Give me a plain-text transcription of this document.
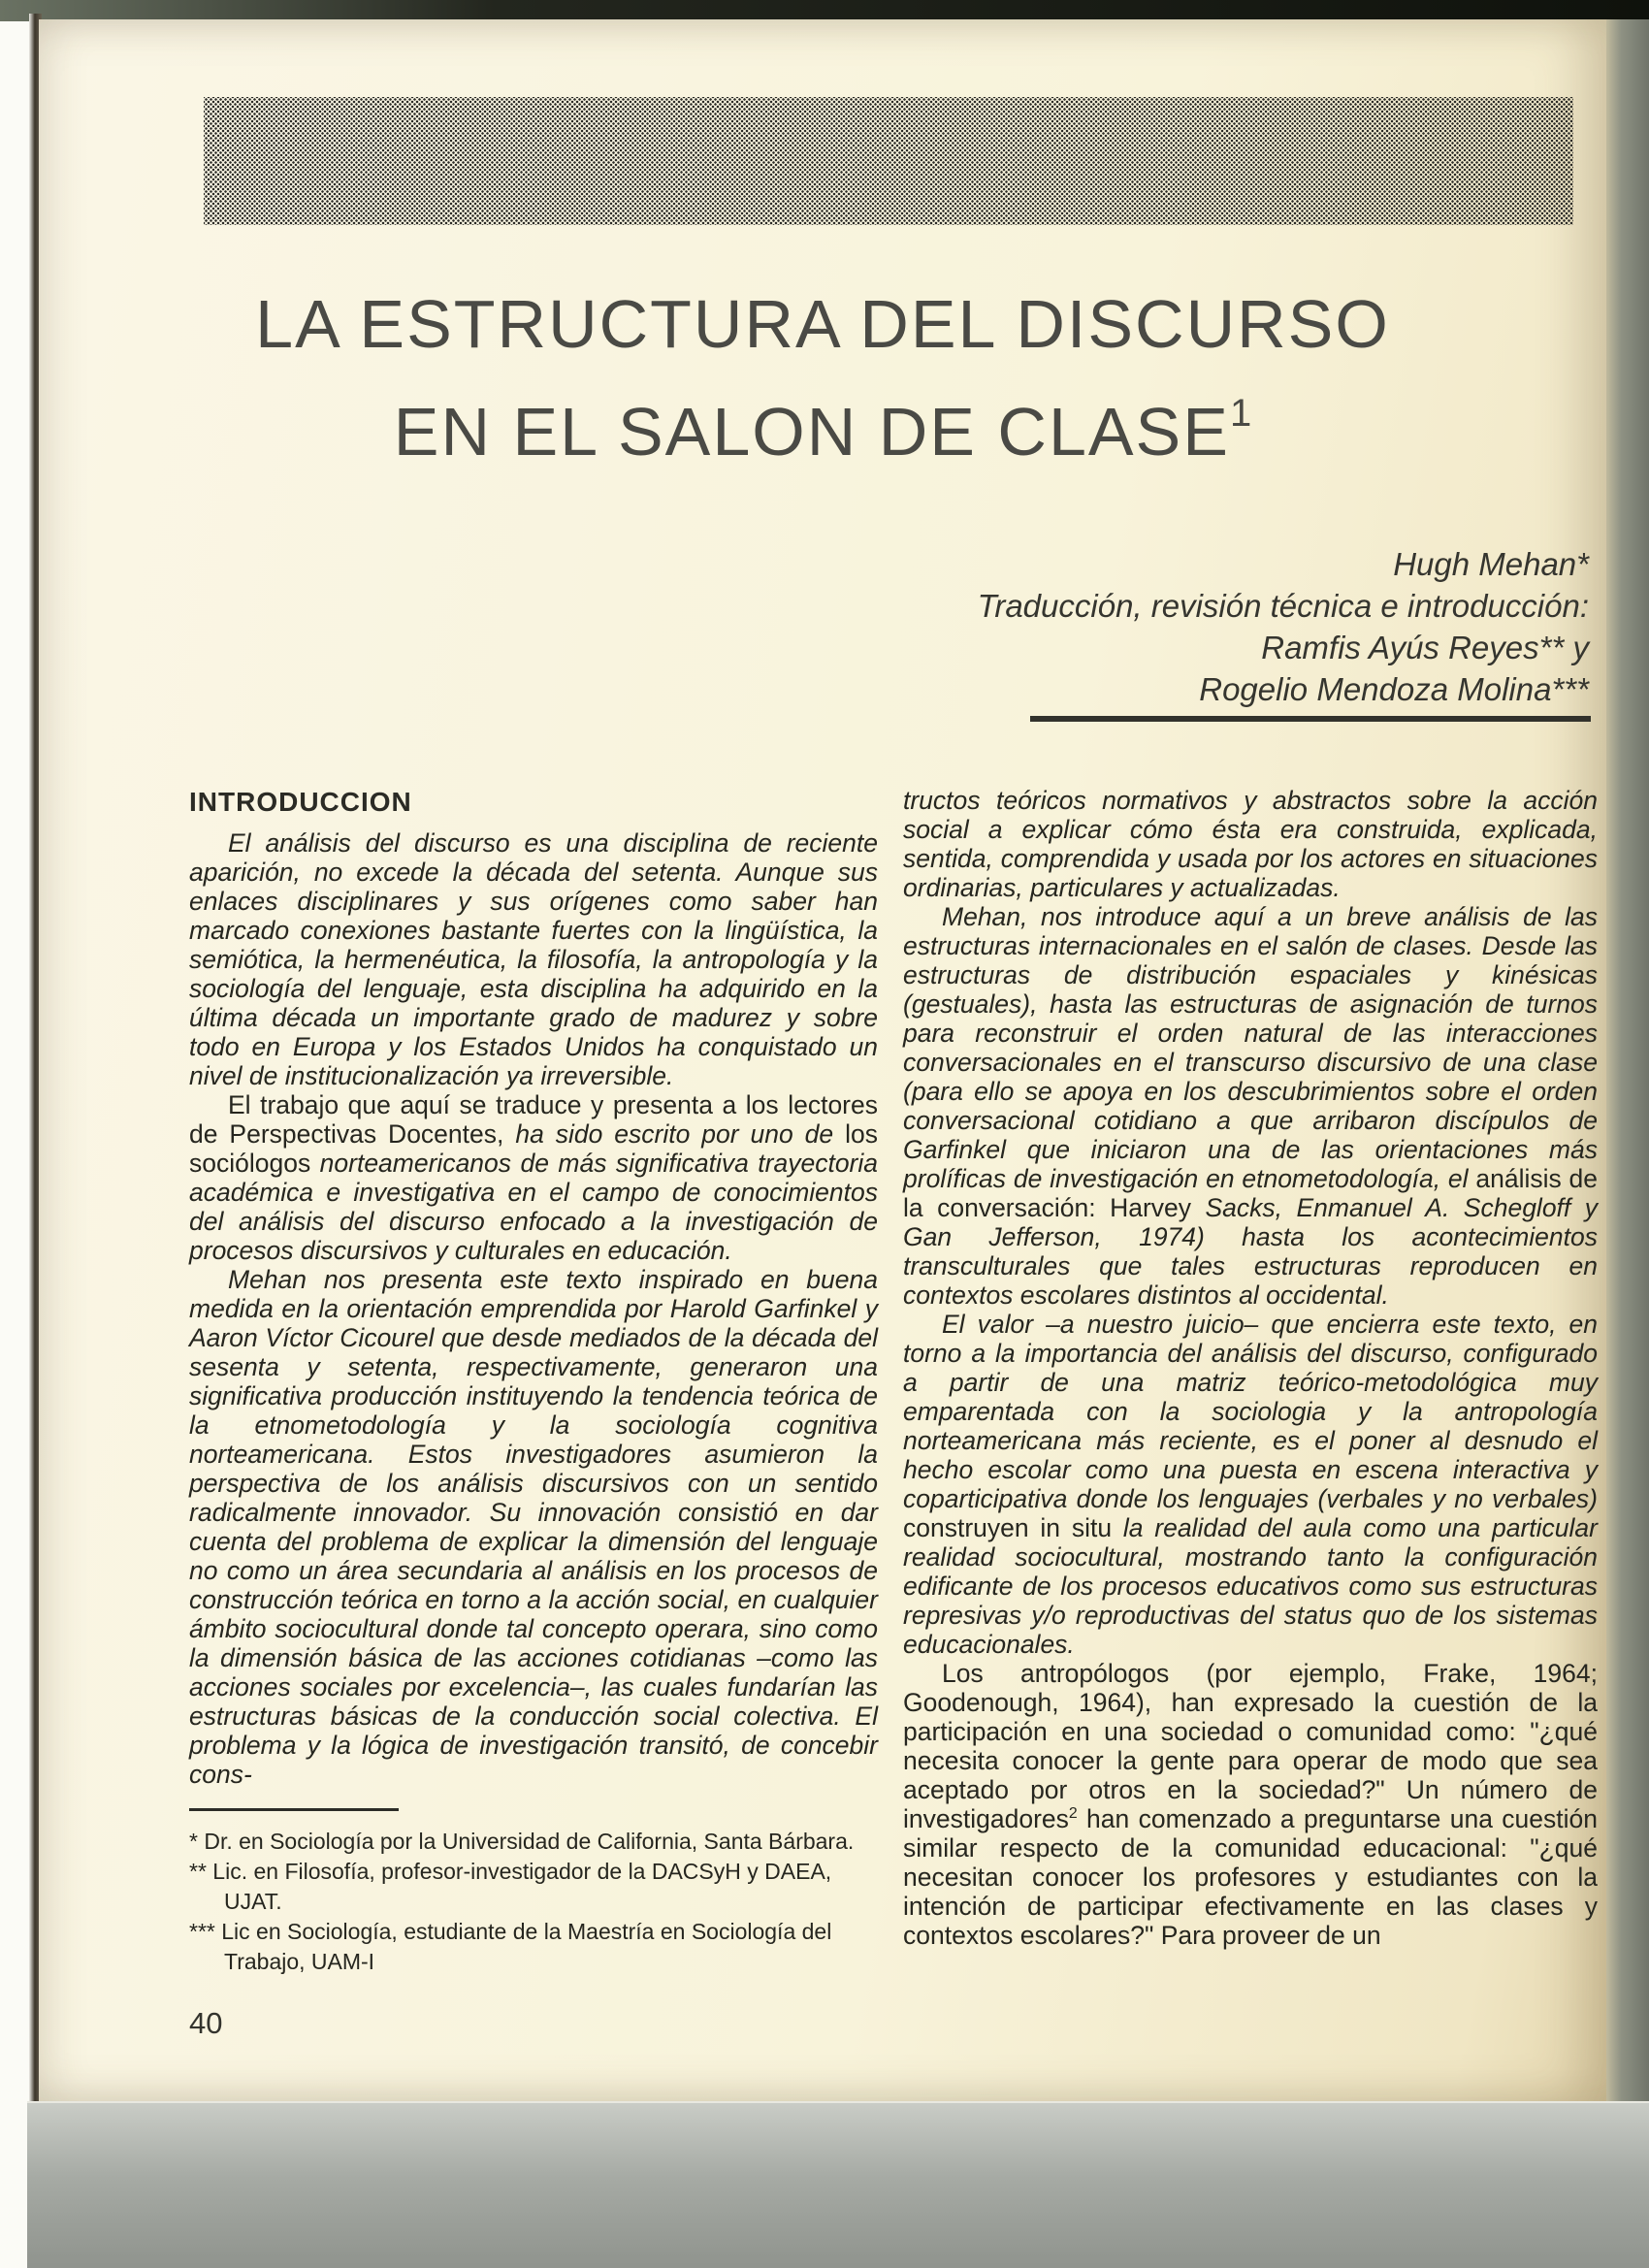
LA ESTRUCTURA DEL DISCURSO
EN EL SALON DE CLASE$^1$
Hugh Mehan*
Traducción, revisión técnica e introducción:
Ramfis Ayús Reyes** y
Rogelio Mendoza Molina***
INTRODUCCION

El análisis del discurso es una disciplina de reciente aparición, no excede la década del setenta. Aunque sus enlaces disciplinares y sus orígenes como saber han marcado conexiones bastante fuertes con la lingüística, la semiótica, la hermenéutica, la filosofía, la antropología y la sociología del lenguaje, esta disciplina ha adquirido en la última década un importante grado de madurez y sobre todo en Europa y los Estados Unidos ha conquistado un nivel de institucionalización ya irreversible.

El trabajo que aquí se traduce y presenta a los lectores de Perspectivas Docentes, ha sido escrito por uno de los sociólogos norteamericanos de más significativa trayectoria académica e investigativa en el campo de conocimientos del análisis del discurso enfocado a la investigación de procesos discursivos y culturales en educación.

Mehan nos presenta este texto inspirado en buena medida en la orientación emprendida por Harold Garfinkel y Aaron Víctor Cicourel que desde mediados de la década del sesenta y setenta, respectivamente, generaron una significativa producción instituyendo la tendencia teórica de la etnometodología y la sociología cognitiva norteamericana. Estos investigadores asumieron la perspectiva de los análisis discursivos con un sentido radicalmente innovador. Su innovación consistió en dar cuenta del problema de explicar la dimensión del lenguaje no como un área secundaria al análisis en los procesos de construcción teórica en torno a la acción social, en cualquier ámbito sociocultural donde tal concepto operara, sino como la dimensión básica de las acciones cotidianas –como las acciones sociales por excelencia–, las cuales fundarían las estructuras básicas de la conducción social colectiva. El problema y la lógica de investigación transitó, de concebir cons-

* Dr. en Sociología por la Universidad de California, Santa Bárbara.
** Lic. en Filosofía, profesor-investigador de la DACSyH y DAEA, UJAT.
*** Lic en Sociología, estudiante de la Maestría en Sociología del Trabajo, UAM-I

tructos teóricos normativos y abstractos sobre la acción social a explicar cómo ésta era construida, explicada, sentida, comprendida y usada por los actores en situaciones ordinarias, particulares y actualizadas.

Mehan, nos introduce aquí a un breve análisis de las estructuras internacionales en el salón de clases. Desde las estructuras de distribución espaciales y kinésicas (gestuales), hasta las estructuras de asignación de turnos para reconstruir el orden natural de las interacciones conversacionales en el transcurso discursivo de una clase (para ello se apoya en los descubrimientos sobre el orden conversacional cotidiano a que arribaron discípulos de Garfinkel que iniciaron una de las orientaciones más prolíficas de investigación en etnometodología, el análisis de la conversación: Harvey Sacks, Enmanuel A. Schegloff y Gan Jefferson, 1974) hasta los acontecimientos transculturales que tales estructuras reproducen en contextos escolares distintos al occidental.

El valor –a nuestro juicio– que encierra este texto, en torno a la importancia del análisis del discurso, configurado a partir de una matriz teórico-metodológica muy emparentada con la sociologia y la antropología norteamericana más reciente, es el poner al desnudo el hecho escolar como una puesta en escena interactiva y coparticipativa donde los lenguajes (verbales y no verbales) construyen in situ la realidad del aula como una particular realidad sociocultural, mostrando tanto la configuración edificante de los procesos educativos como sus estructuras represivas y/o reproductivas del status quo de los sistemas educacionales.

Los antropólogos (por ejemplo, Frake, 1964; Goodenough, 1964), han expresado la cuestión de la participación en una sociedad o comunidad como: "¿qué necesita conocer la gente para operar de modo que sea aceptado por otros en la sociedad?" Un número de investigadores$^2$ han comenzado a preguntarse una cuestión similar respecto de la comunidad educacional: "¿qué necesitan conocer los profesores y estudiantes con la intención de participar efectivamente en las clases y contextos escolares?" Para proveer de un

40
